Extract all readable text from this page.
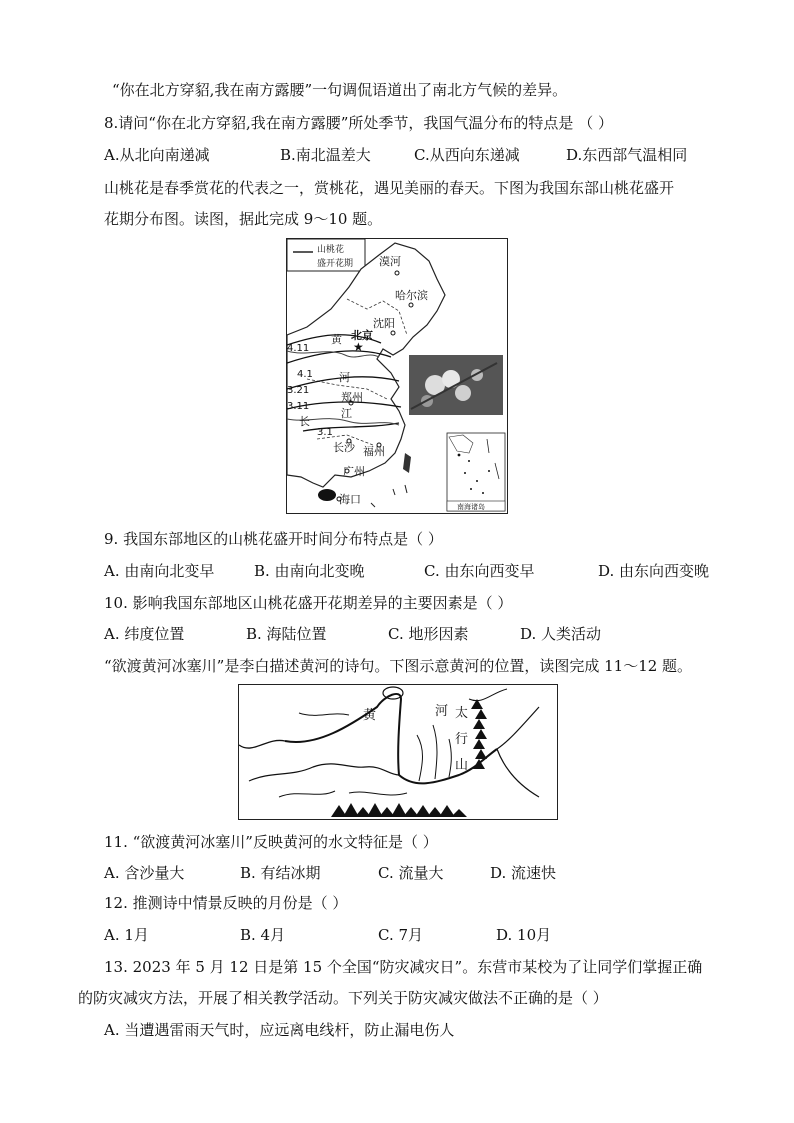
“你在北方穿貂,我在南方露腰”一句调侃语道出了南北方气候的差异。
8.请问“你在北方穿貂,我在南方露腰”所处季节，我国气温分布的特点是 （ ）
A.从北向南递减	B.南北温差大	C.从西向东递减	D.东西部气温相同
山桃花是春季赏花的代表之一，赏桃花，遇见美丽的春天。下图为我国东部山桃花盛开
花期分布图。读图，据此完成 9～10 题。
山桃花
盛开花期
4.11
4.1
3.21
3.11
3.1
黄
河
长
江
漠河
哈尔滨
沈阳
★
北京
郑州
长沙 福州
广州
海口
南海诸岛
9. 我国东部地区的山桃花盛开时间分布特点是（ ）
A. 由南向北变早	B. 由南向北变晚	C. 由东向西变早	D. 由东向西变晚
10. 影响我国东部地区山桃花盛开花期差异的主要因素是（ ）
A. 纬度位置	B. 海陆位置	C. 地形因素	D. 人类活动
“欲渡黄河冰塞川”是李白描述黄河的诗句。下图示意黄河的位置，读图完成 11～12 题。
黄	河 太
行
山
11. “欲渡黄河冰塞川”反映黄河的水文特征是（ ）
A. 含沙量大	B. 有结冰期	C. 流量大	D. 流速快
12. 推测诗中情景反映的月份是（ ）
A. 1月	B. 4月	C. 7月	D. 10月
13. 2023 年 5 月 12 日是第 15 个全国“防灾减灾日”。东营市某校为了让同学们掌握正确
的防灾减灾方法，开展了相关教学活动。下列关于防灾减灾做法不正确的是（ ）
A. 当遭遇雷雨天气时，应远离电线杆，防止漏电伤人
